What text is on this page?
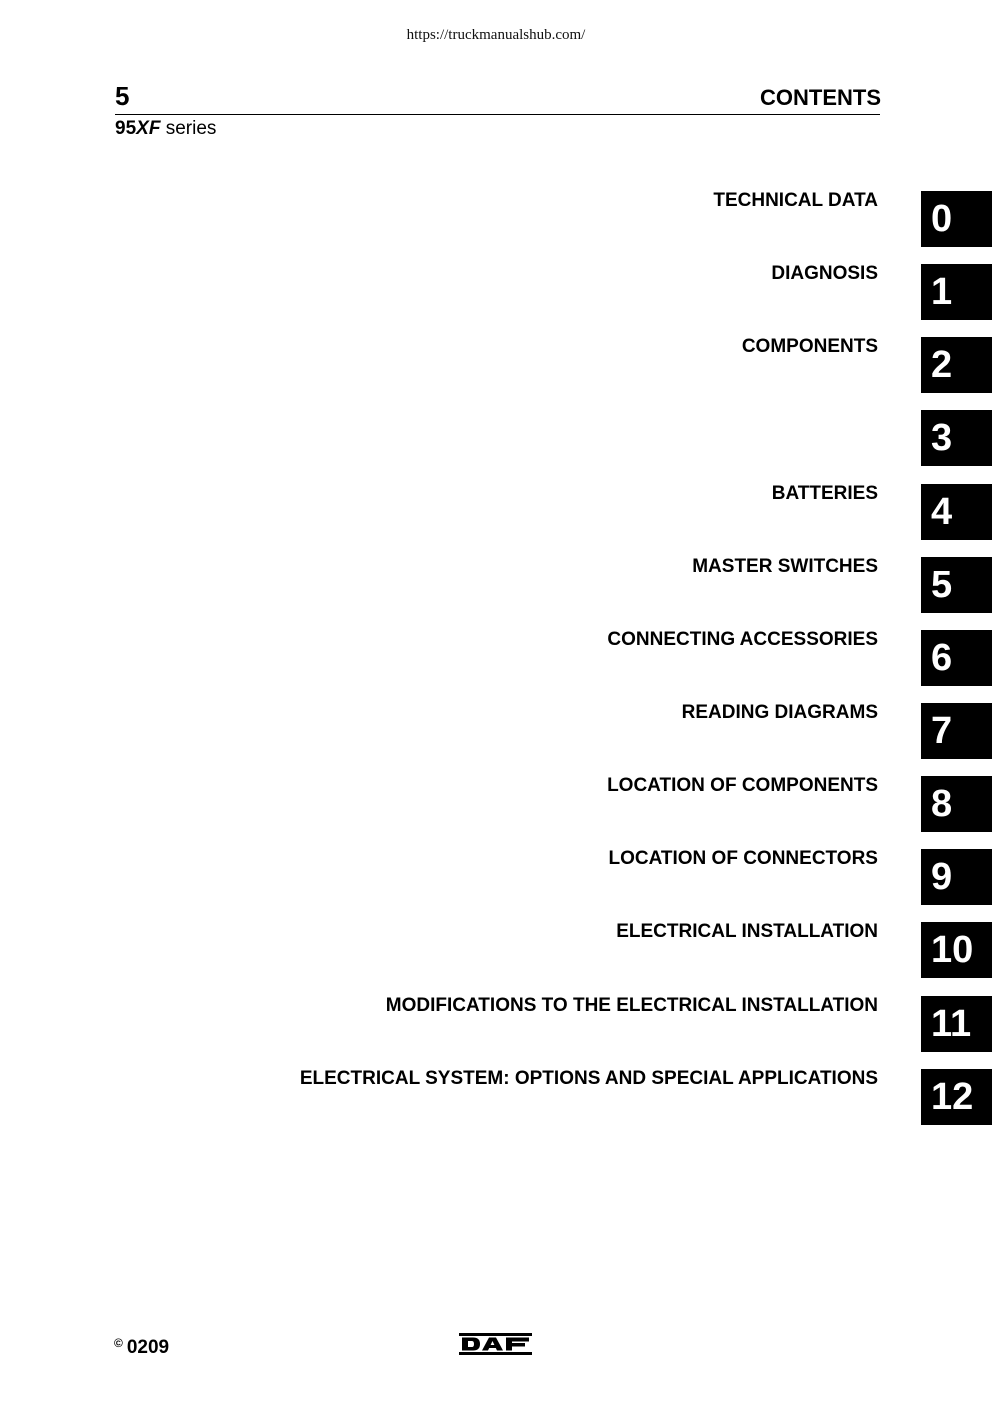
https://truckmanualshub.com/
5	CONTENTS
95XF series
TECHNICAL DATA 0
DIAGNOSIS 1
COMPONENTS 2
3
BATTERIES 4
MASTER SWITCHES 5
CONNECTING ACCESSORIES 6
READING DIAGRAMS 7
LOCATION OF COMPONENTS 8
LOCATION OF CONNECTORS 9
ELECTRICAL INSTALLATION 10
MODIFICATIONS TO THE ELECTRICAL INSTALLATION 11
ELECTRICAL SYSTEM: OPTIONS AND SPECIAL APPLICATIONS 12
© 0209
